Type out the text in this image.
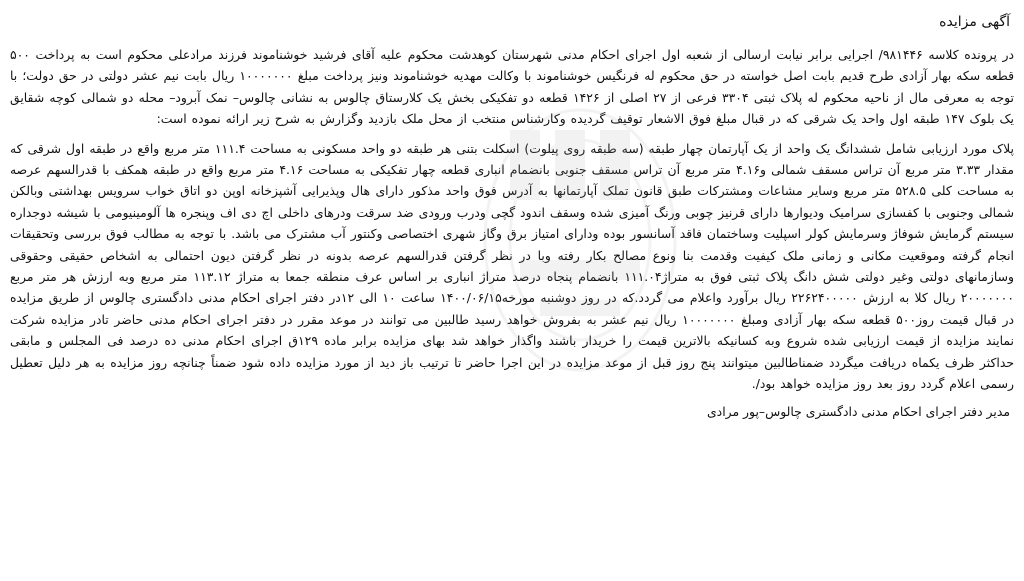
آگهی مزایده

در پرونده کلاسه ۹۸۱۴۴۶/ اجرایی برابر نیابت ارسالی از شعبه اول اجرای احکام مدنی شهرستان کوهدشت محکوم علیه آقای فرشید خوشناموند فرزند مرادعلی محکوم است به پرداخت ۵۰۰ قطعه سکه بهار آزادی طرح قدیم بابت اصل خواسته در حق محکوم له فرنگیس خوشناموند با وکالت مهدیه خوشناموند ونیز پرداخت مبلغ ۱۰۰۰۰۰۰۰ ریال بابت نیم عشر دولتی در حق دولت؛ با توجه به معرفی مال از ناحیه محکوم له پلاک ثبتی ۳۳۰۴ فرعی از ۲۷ اصلی از ۱۴۲۶ قطعه دو تفکیکی بخش یک کلارستاق چالوس به نشانی چالوس– نمک آبرود– محله دو شمالی کوچه شقایق یک بلوک ۱۴۷ طبقه اول واحد یک شرقی که در قبال مبلغ فوق الاشعار توقیف گردیده وکارشناس منتخب از محل ملک بازدید وگزارش به شرح زیر ارائه نموده است:

پلاک مورد ارزیابی شامل ششدانگ یک واحد از یک آپارتمان چهار طبقه (سه طبقه روی پیلوت) اسکلت بتنی هر طبقه دو واحد مسکونی به مساحت ۱۱۱.۴ متر مربع واقع در طبقه اول شرقی که مقدار ۳.۳۳ متر مربع آن تراس مسقف شمالی و۴.۱۶ متر مربع آن تراس مسقف جنوبی بانضمام انباری قطعه چهار تفکیکی به مساحت ۴.۱۶ متر مربع واقع در طبقه همکف با قدرالسهم عرصه به مساحت کلی ۵۲۸.۵ متر مربع وسایر مشاعات ومشترکات طبق قانون تملک آپارتمانها به آدرس فوق واحد مذکور دارای هال وپذیرایی آشپزخانه اوپن دو اتاق خواب سرویس بهداشتی وبالکن شمالی وجنوبی با کفسازی سرامیک ودیوارها دارای قرنیز چوبی ورنگ آمیزی شده وسقف اندود گچی ودرب ورودی ضد سرقت ودرهای داخلی اچ دی اف وپنجره ها آلومینیومی با شیشه دوجداره سیستم گرمایش شوفاژ وسرمایش کولر اسپلیت وساختمان فاقد آسانسور بوده ودارای امتیاز برق وگاز شهری اختصاصی وکنتور آب مشترک می باشد. با توجه به مطالب فوق بررسی وتحقیقات انجام گرفته وموقعیت مکانی و زمانی ملک کیفیت وقدمت بنا ونوع مصالح بکار رفته وبا در نظر گرفتن قدرالسهم عرصه بدونه در نظر گرفتن دیون احتمالی به اشخاص حقیقی وحقوقی وسازمانهای دولتی وغیر دولتی شش دانگ پلاک ثبتی فوق به متراژ۱۱۱.۰۴ بانضمام پنجاه درصد متراژ انباری بر اساس عرف منطقه جمعا به متراژ ۱۱۳.۱۲ متر مربع وبه ارزش هر متر مربع ۲۰۰۰۰۰۰۰ ریال کلا به ارزش ۲۲۶۲۴۰۰۰۰۰ ریال برآورد واعلام می گردد.که در روز دوشنبه مورخه۱۴۰۰/۰۶/۱۵ ساعت ۱۰ الی ۱۲در دفتر اجرای احکام مدنی دادگستری چالوس از طریق مزایده در قبال قیمت روز۵۰۰ قطعه سکه بهار آزادی ومبلغ ۱۰۰۰۰۰۰۰ ریال نیم عشر به بفروش خواهد رسید طالبین می توانند در موعد مقرر در دفتر اجرای احکام مدنی حاضر تادر مزایده شرکت نمایند مزایده از قیمت ارزیابی شده شروع وبه کسانیکه بالاترین قیمت را خریدار باشند واگذار خواهد شد بهای مزایده برابر ماده ۱۲۹ق اجرای احکام مدنی ده درصد فی المجلس و مابقی حداکثر ظرف یکماه دریافت میگردد ضمناطالبین میتوانند پنج روز قبل از موعد مزایده در این اجرا حاضر تا ترتیب باز دید از مورد مزایده داده شود ضمناً چنانچه روز مزایده به هر دلیل تعطیل رسمی اعلام گردد روز بعد روز مزایده خواهد بود/.

مدیر دفتر اجرای احکام مدنی دادگستری چالوس–پور مرادی
